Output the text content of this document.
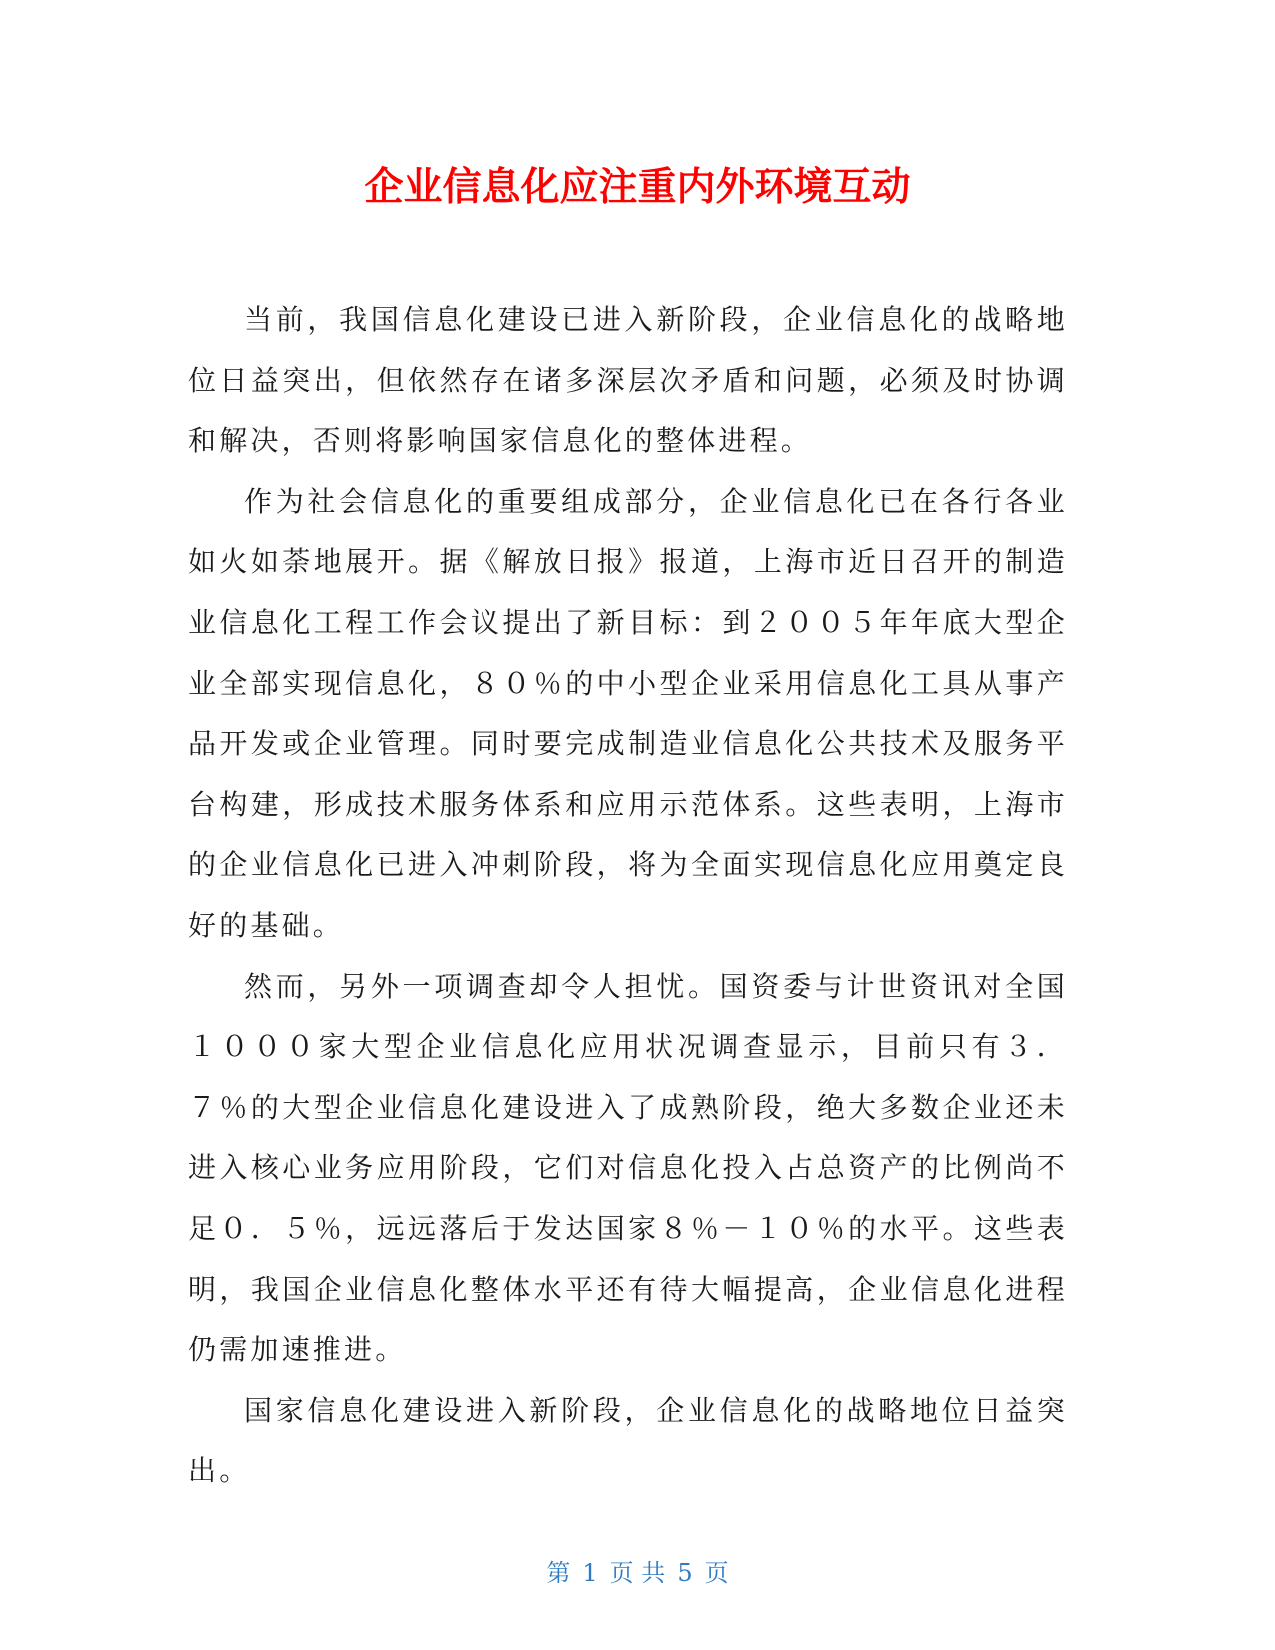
企业信息化应注重内外环境互动

当前，我国信息化建设已进入新阶段，企业信息化的战略地位日益突出，但依然存在诸多深层次矛盾和问题，必须及时协调和解决，否则将影响国家信息化的整体进程。

作为社会信息化的重要组成部分，企业信息化已在各行各业如火如荼地展开。据《解放日报》报道，上海市近日召开的制造业信息化工程工作会议提出了新目标：到２００５年年底大型企业全部实现信息化，８０％的中小型企业采用信息化工具从事产品开发或企业管理。同时要完成制造业信息化公共技术及服务平台构建，形成技术服务体系和应用示范体系。这些表明，上海市的企业信息化已进入冲刺阶段，将为全面实现信息化应用奠定良好的基础。

然而，另外一项调查却令人担忧。国资委与计世资讯对全国１０００家大型企业信息化应用状况调查显示，目前只有３．７％的大型企业信息化建设进入了成熟阶段，绝大多数企业还未进入核心业务应用阶段，它们对信息化投入占总资产的比例尚不足０．５％，远远落后于发达国家８％－１０％的水平。这些表明，我国企业信息化整体水平还有待大幅提高，企业信息化进程仍需加速推进。

国家信息化建设进入新阶段，企业信息化的战略地位日益突出。

第 1 页 共 5 页
